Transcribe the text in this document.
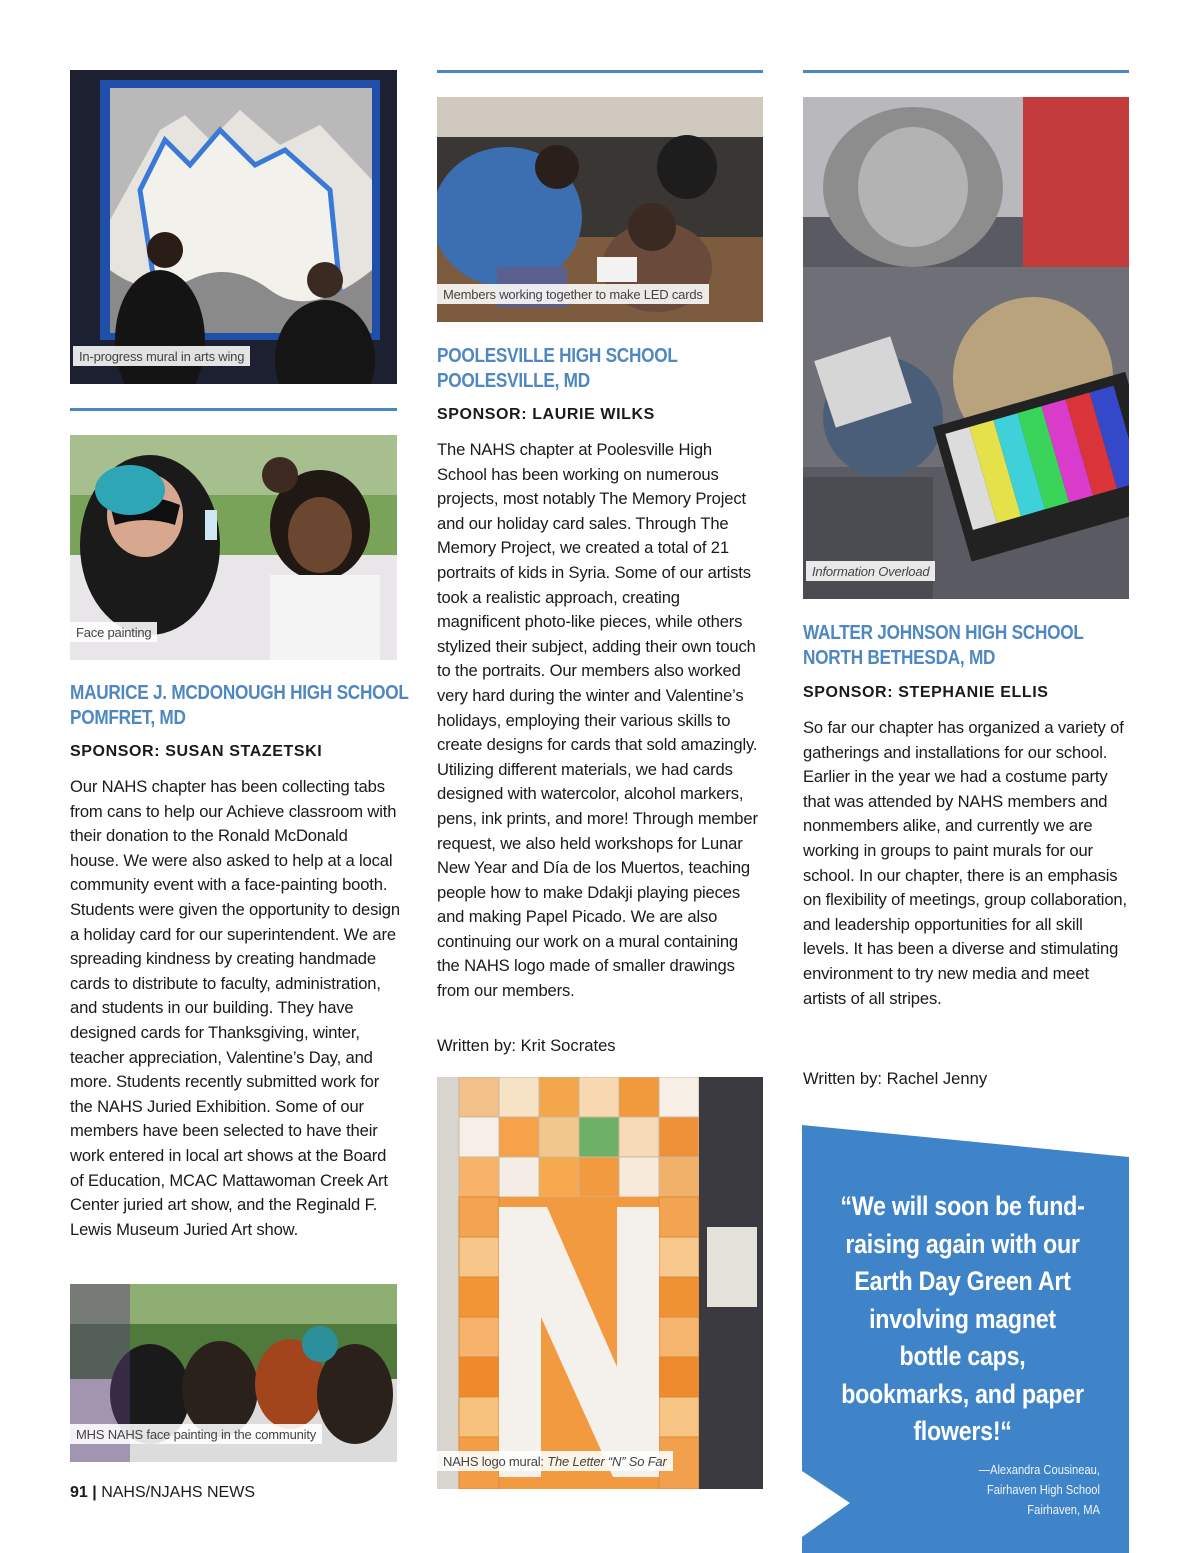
In-progress mural in arts wing
Face painting
MAURICE J. MCDONOUGH HIGH SCHOOL
POMFRET, MD
SPONSOR: SUSAN STAZETSKI
Our NAHS chapter has been collecting tabs from cans to help our Achieve classroom with their donation to the Ronald McDonald house. We were also asked to help at a local community event with a face-painting booth. Students were given the opportunity to design a holiday card for our superintendent. We are spreading kindness by creating handmade cards to distribute to faculty, administration, and students in our building. They have designed cards for Thanksgiving, winter, teacher appreciation, Valentine’s Day, and more. Students recently submitted work for the NAHS Juried Exhibition. Some of our members have been selected to have their work entered in local art shows at the Board of Education, MCAC Mattawoman Creek Art Center juried art show, and the Reginald F. Lewis Museum Juried Art show.
MHS NAHS face painting in the community
Members working together to make LED cards
POOLESVILLE HIGH SCHOOL
POOLESVILLE, MD
SPONSOR: LAURIE WILKS
The NAHS chapter at Poolesville High School has been working on numerous projects, most notably The Memory Project and our holiday card sales. Through The Memory Project, we created a total of 21 portraits of kids in Syria. Some of our artists took a realistic approach, creating magnificent photo-like pieces, while others stylized their subject, adding their own touch to the portraits. Our members also worked very hard during the winter and Valentine’s holidays, employing their various skills to create designs for cards that sold amazingly. Utilizing different materials, we had cards designed with watercolor, alcohol markers, pens, ink prints, and more! Through member request, we also held workshops for Lunar New Year and Día de los Muertos, teaching people how to make Ddakji playing pieces and making Papel Picado. We are also continuing our work on a mural containing the NAHS logo made of smaller drawings from our members.
Written by: Krit Socrates
NAHS logo mural: The Letter “N” So Far
Information Overload
WALTER JOHNSON HIGH SCHOOL
NORTH BETHESDA, MD
SPONSOR: STEPHANIE ELLIS
So far our chapter has organized a variety of gatherings and installations for our school. Earlier in the year we had a costume party that was attended by NAHS members and nonmembers alike, and currently we are working in groups to paint murals for our school. In our chapter, there is an emphasis on flexibility of meetings, group collaboration, and leadership opportunities for all skill levels. It has been a diverse and stimulating environment to try new media and meet artists of all stripes.
Written by: Rachel Jenny
“We will soon be fund-raising again with our Earth Day Green Art involving magnet bottle caps, bookmarks, and paper flowers!“
—Alexandra Cousineau,
Fairhaven High School
Fairhaven, MA
91 | NAHS/NJAHS NEWS
